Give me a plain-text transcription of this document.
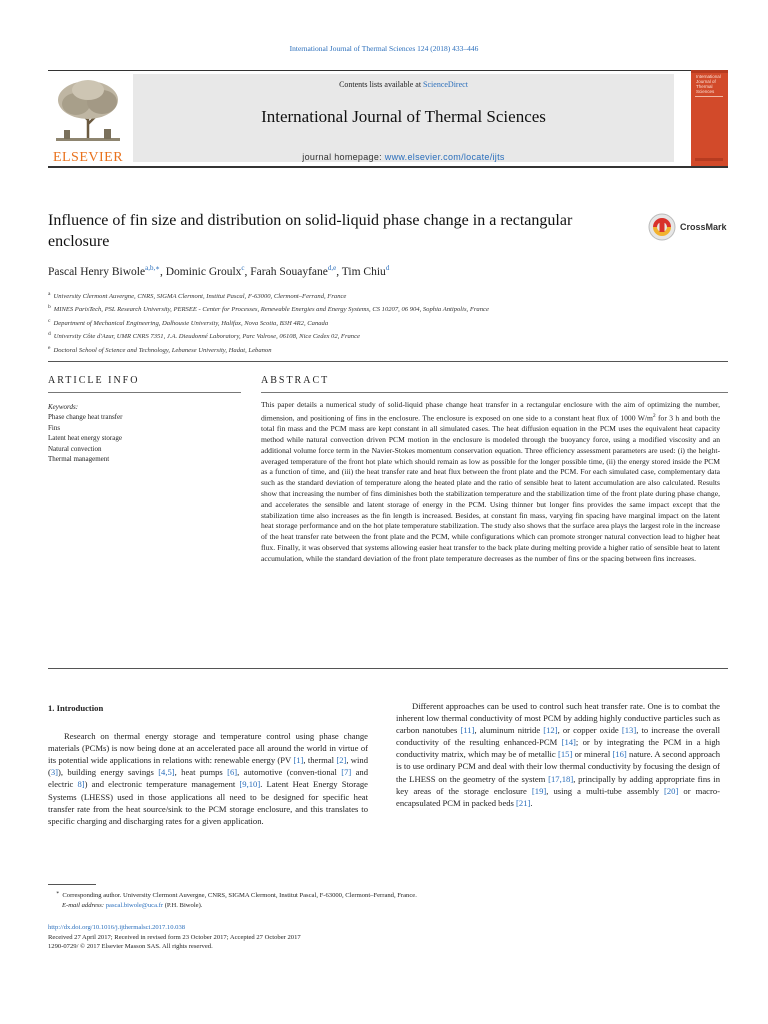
International Journal of Thermal Sciences 124 (2018) 433–446
ELSEVIER
Contents lists available at ScienceDirect
International Journal of Thermal Sciences
journal homepage: www.elsevier.com/locate/ijts
International Journal of Thermal Sciences
Influence of fin size and distribution on solid-liquid phase change in a rectangular enclosure
CrossMark
Pascal Henry Biwole$^{a,b,∗}$, Dominic Groulx$^c$, Farah Souayfane$^{d,e}$, Tim Chiu$^d$
$^a$ University Clermont Auvergne, CNRS, SIGMA Clermont, Institut Pascal, F-63000, Clermont–Ferrand, France
$^b$ MINES ParisTech, PSL Research University, PERSEE - Center for Processes, Renewable Energies and Energy Systems, CS 10207, 06 904, Sophia Antipolis, France
$^c$ Department of Mechanical Engineering, Dalhousie University, Halifax, Nova Scotia, B3H 4R2, Canada
$^d$ University Côte d'Azur, UMR CNRS 7351, J.A. Dieudonné Laboratory, Parc Valrose, 06108, Nice Cedex 02, France
$^e$ Doctoral School of Science and Technology, Lebanese University, Hadat, Lebanon
ARTICLE INFO	ABSTRACT
Keywords:
Phase change heat transfer
Fins
Latent heat energy storage
Natural convection
Thermal management
This paper details a numerical study of solid-liquid phase change heat transfer in a rectangular enclosure with the aim of optimizing the number, dimension, and positioning of fins in the enclosure. The enclosure is exposed on one side to a constant heat flux of 1000 $W/m^2$ for 3 h and both the total fin mass and the PCM mass are kept constant in all simulated cases. The heat diffusion equation in the PCM uses the equivalent heat capacity method while natural convection driven PCM motion in the enclosure is modeled through the buoyancy force, using a modified viscosity and an additional volume force term in the Navier-Stokes momentum conservation equation. Three efficiency assessment parameters are used: (i) the height-averaged temperature of the front hot plate which should remain as low as possible for the longer possible time, (ii) the energy stored inside the PCM as a function of time, and (iii) the heat transfer rate and heat flux between the front plate and the PCM. For each simulated case, complementary data such as the standard deviation of temperature along the heated plate and the ratio of sensible heat to latent accumulation are also calculated. Results show that increasing the number of fins diminishes both the stabilization temperature and the stabilization time of the front plate during phase change, and accelerates the sensible and latent storage of energy in the PCM. Using thinner but longer fins provides the same impact except that the stabilization time also increases as the fin length is increased. Besides, at constant fin mass, varying fin spacing have marginal impact on the latent heat storage performance and on the hot plate temperature stabilization. The study also shows that the surface area plays the largest role in the increase of the heat transfer rate between the front plate and the PCM, while configurations which can promote stronger natural convection lead to higher heat flux. Finally, it was observed that systems allowing easier heat transfer to the back plate during melting provide a higher ratio of sensible heat to latent accumulation, while the standard deviation of the front plate temperature decreases as the number of fins or the spacing between fins increases.
1. Introduction
Research on thermal energy storage and temperature control using phase change materials (PCMs) is now being done at an accelerated pace all around the world in virtue of its potential wide applications in relations with: renewable energy (PV [1], thermal [2], wind (3]), building energy savings [4,5], heat pumps [6], automotive (conven-tional [7] and electric 8]) and electronic temperature management [9,10]. Latent Heat Energy Storage Systems (LHESS) used in those applications all need to be designed for specific heat transfer rate from the heat source/sink to the PCM storage enclosure, and this translates to specific charging and discharging rates for a given application.
Different approaches can be used to control such heat transfer rate. One is to combat the inherent low thermal conductivity of most PCM by adding highly conductive particles such as carbon nanotubes [11], aluminum nitride [12], or copper oxide [13], to increase the overall conductivity of the resulting enhanced-PCM [14]; or by integrating the PCM in a high conductivity matrix, which may be of metallic [15] or mineral [16] nature. A second approach is to use ordinary PCM and deal with their low thermal conductivity by focusing the design of the LHESS on the geometry of the system [17,18], principally by adding appropriate fins in key areas of the storage enclosure [19], using a multi-tube assembly [20] or macro-encapsulated PCM in packed beds [21].
∗ Corresponding author. University Clermont Auvergne, CNRS, SIGMA Clermont, Institut Pascal, F-63000, Clermont–Ferrand, France.
E-mail address: pascal.biwole@uca.fr (P.H. Biwole).
http://dx.doi.org/10.1016/j.ijthermalsci.2017.10.038
Received 27 April 2017; Received in revised form 23 October 2017; Accepted 27 October 2017
1290-0729/ © 2017 Elsevier Masson SAS. All rights reserved.
